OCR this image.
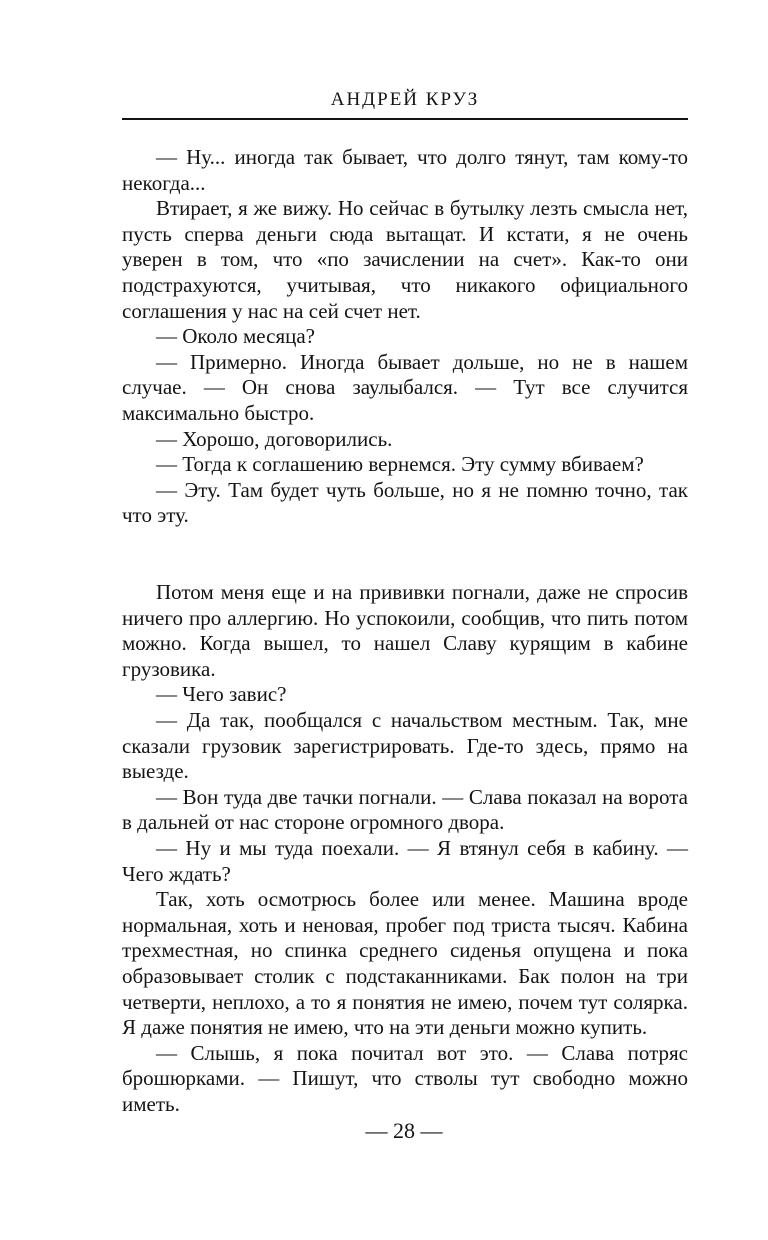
АНДРЕЙ КРУЗ

— Ну... иногда так бывает, что долго тянут, там кому-то некогда...

Втирает, я же вижу. Но сейчас в бутылку лезть смысла нет, пусть сперва деньги сюда вытащат. И кстати, я не очень уверен в том, что «по зачислении на счет». Как-то они подстрахуются, учитывая, что никакого официального соглашения у нас на сей счет нет.

— Около месяца?

— Примерно. Иногда бывает дольше, но не в нашем случае. — Он снова заулыбался. — Тут все случится максимально быстро.

— Хорошо, договорились.

— Тогда к соглашению вернемся. Эту сумму вбиваем?

— Эту. Там будет чуть больше, но я не помню точно, так что эту.

Потом меня еще и на прививки погнали, даже не спросив ничего про аллергию. Но успокоили, сообщив, что пить потом можно. Когда вышел, то нашел Славу курящим в кабине грузовика.

— Чего завис?

— Да так, пообщался с начальством местным. Так, мне сказали грузовик зарегистрировать. Где-то здесь, прямо на выезде.

— Вон туда две тачки погнали. — Слава показал на ворота в дальней от нас стороне огромного двора.

— Ну и мы туда поехали. — Я втянул себя в кабину. — Чего ждать?

Так, хоть осмотрюсь более или менее. Машина вроде нормальная, хоть и неновая, пробег под триста тысяч. Кабина трехместная, но спинка среднего сиденья опущена и пока образовывает столик с подстаканниками. Бак полон на три четверти, неплохо, а то я понятия не имею, почем тут солярка. Я даже понятия не имею, что на эти деньги можно купить.

— Слышь, я пока почитал вот это. — Слава потряс брошюрками. — Пишут, что стволы тут свободно можно иметь.

— 28 —
